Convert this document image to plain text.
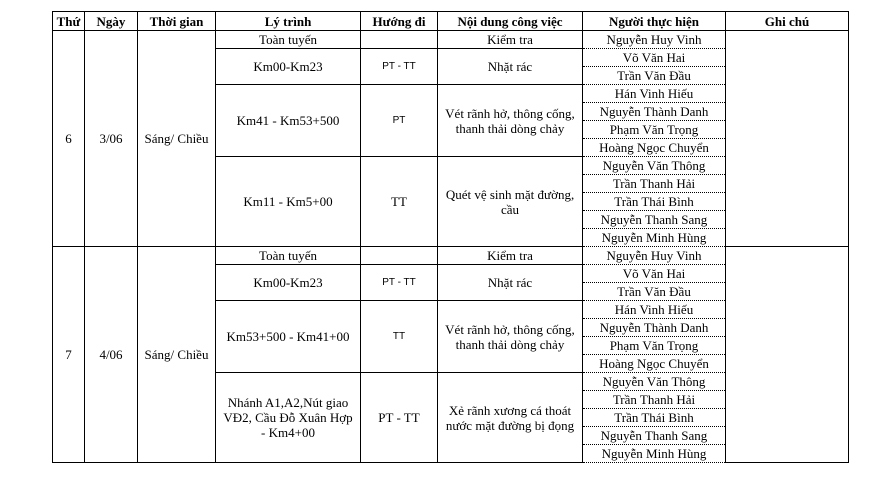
Thứ	Ngày	Thời gian	Lý trình	Hướng đi	Nội dung công việc	Người thực hiện	Ghi chú
6	3/06	Sáng/ Chiều	Toàn tuyến		Kiểm tra	Nguyễn Huy Vinh	
			Km00-Km23	PT - TT	Nhặt rác	Võ Văn Hai	
						Trần Văn Đầu	
			Km41 - Km53+500	PT	Vét rãnh hở, thông cống, thanh thải dòng chảy	Hán Vinh Hiếu	
						Nguyễn Thành Danh	
						Phạm Văn Trọng	
						Hoàng Ngọc Chuyển	
			Km11 - Km5+00	TT	Quét vệ sinh mặt đường, cầu	Nguyễn Văn Thông	
						Trần Thanh Hải	
						Trần Thái Bình	
						Nguyễn Thanh Sang	
						Nguyễn Minh Hùng	
7	4/06	Sáng/ Chiều	Toàn tuyến		Kiểm tra	Nguyễn Huy Vinh	
			Km00-Km23	PT - TT	Nhặt rác	Võ Văn Hai	
						Trần Văn Đầu	
			Km53+500 - Km41+00	TT	Vét rãnh hở, thông cống, thanh thải dòng chảy	Hán Vinh Hiếu	
						Nguyễn Thành Danh	
						Phạm Văn Trọng	
						Hoàng Ngọc Chuyển	

			Nhánh A1,A2,Nút giao VĐ2, Cầu Đỗ Xuân Hợp - Km4+00	PT - TT	Xẻ rãnh xương cá thoát nước mặt đường bị đọng	Nguyễn Văn Thông	
						Trần Thanh Hải	
						Trần Thái Bình	
						Nguyễn Thanh Sang	
						Nguyễn Minh Hùng	
